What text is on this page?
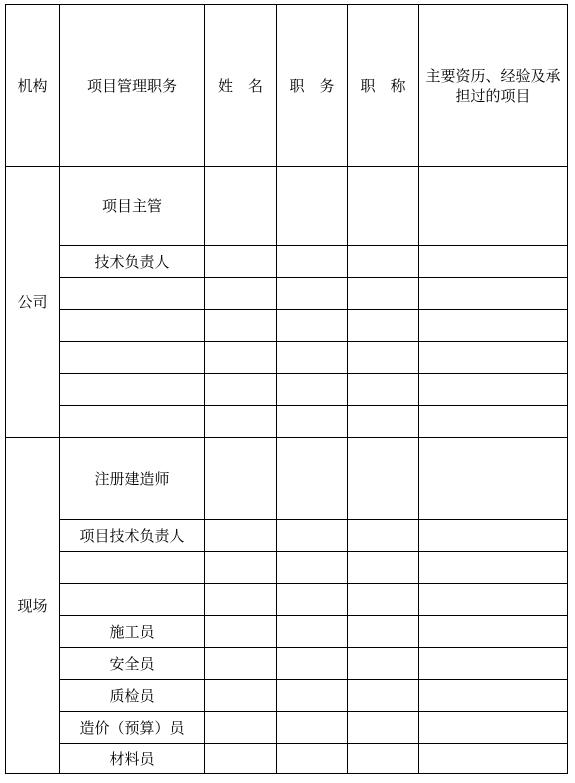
机构	项目管理职务	姓　名	职　务	职　称	主要资历、经验及承担过的项目
公司	项目主管				
	技术负责人				

现场	注册建造师				
	项目技术负责人				

	施工员				
	安全员				
	质检员				
	造价（预算）员				
	材料员				
